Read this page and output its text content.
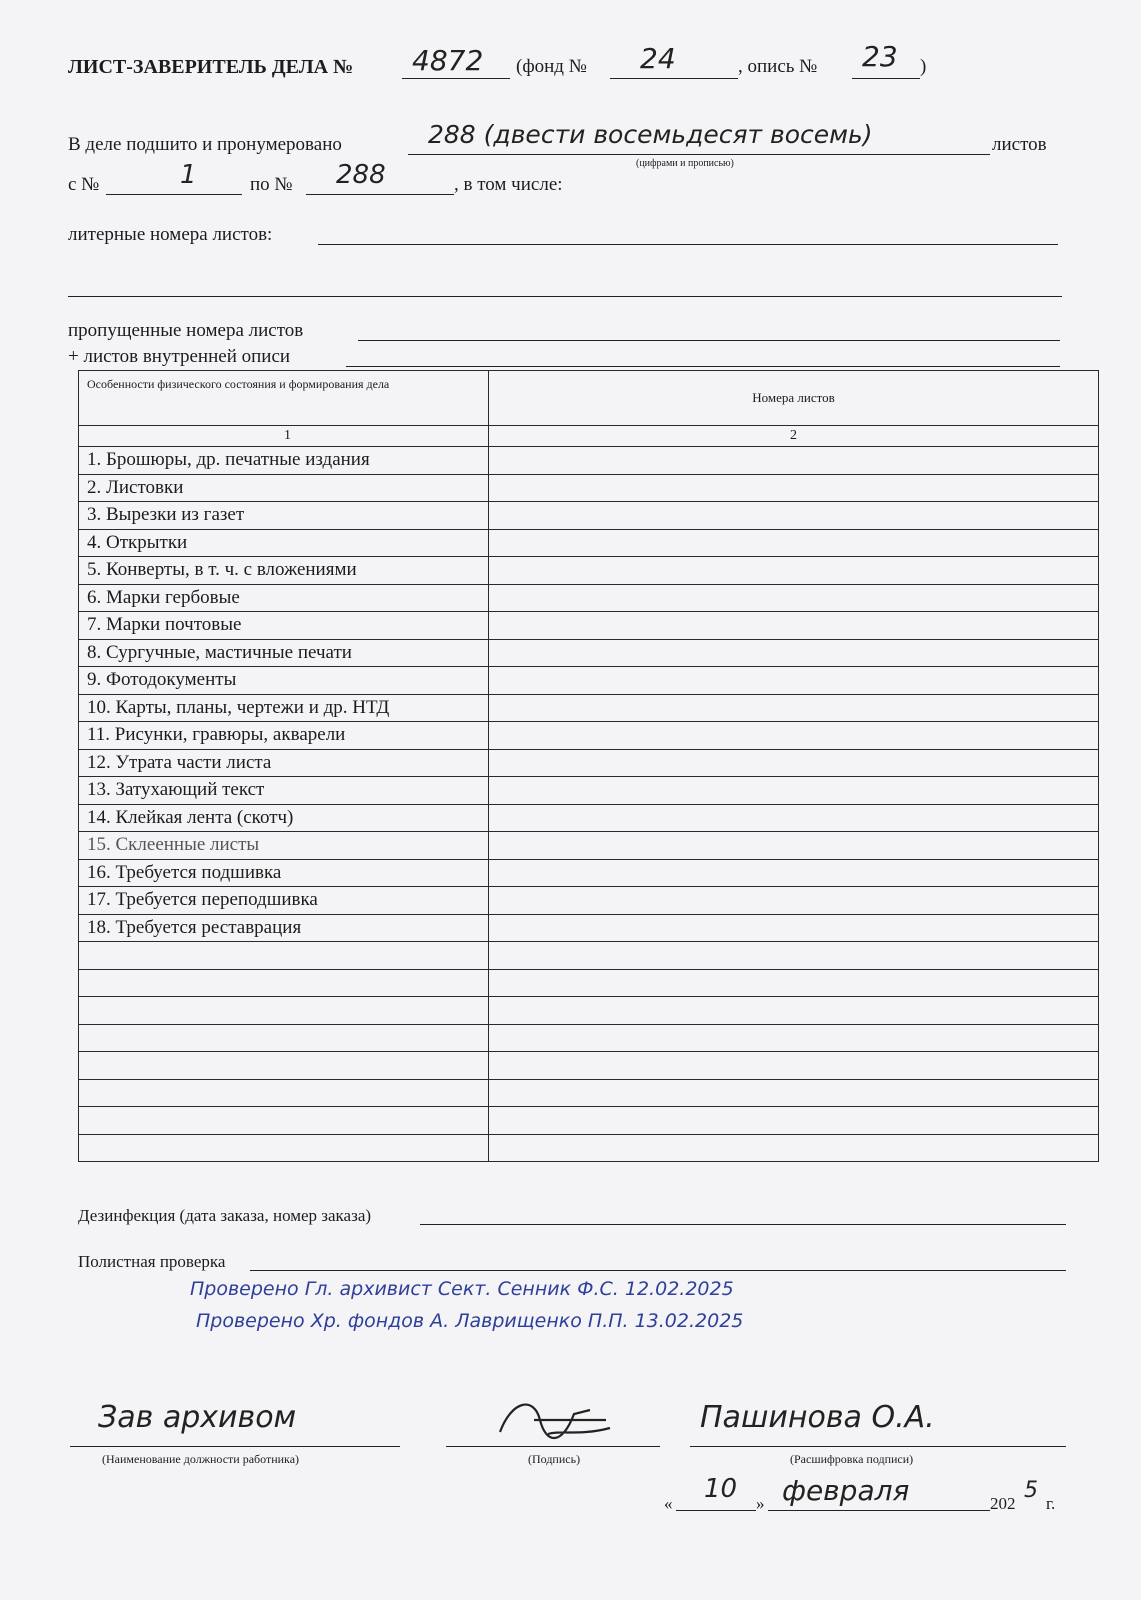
ЛИСТ-ЗАВЕРИТЕЛЬ ДЕЛА № 4872 (фонд № 24	, опись № 23 )
В деле подшито и пронумеровано	288 (двести восемьдесят восемь)	листов
(цифрами и прописью)
с №	1	по № 288	, в том числе:
литерные номера листов:
пропущенные номера листов
+ листов внутренней описи
Особенности физического состояния и формирования дела	Номера листов
1	2
1. Брошюры, др. печатные издания	
2. Листовки	
3. Вырезки из газет	
4. Открытки	
5. Конверты, в т. ч. с вложениями	
6. Марки гербовые	
7. Марки почтовые	
8. Сургучные, мастичные печати	
9. Фотодокументы	
10. Карты, планы, чертежи и др. НТД	
11. Рисунки, гравюры, акварели	
12. Утрата части листа	
13. Затухающий текст	
14. Клейкая лента (скотч)	
15. Склеенные листы	
16. Требуется подшивка	
17. Требуется переподшивка	
18. Требуется реставрация	

Дезинфекция (дата заказа, номер заказа)
Полистная проверка
Проверено Гл. архивист Сект. Сенник Ф.С. 12.02.2025
Проверено Хр. фондов А. Лаврищенко П.П. 13.02.2025
Зав архивом
(Наименование должности работника)	(Подпись)
Пашинова О.А.
(Расшифровка подписи)
« 10 » февраля	202
5
г.
